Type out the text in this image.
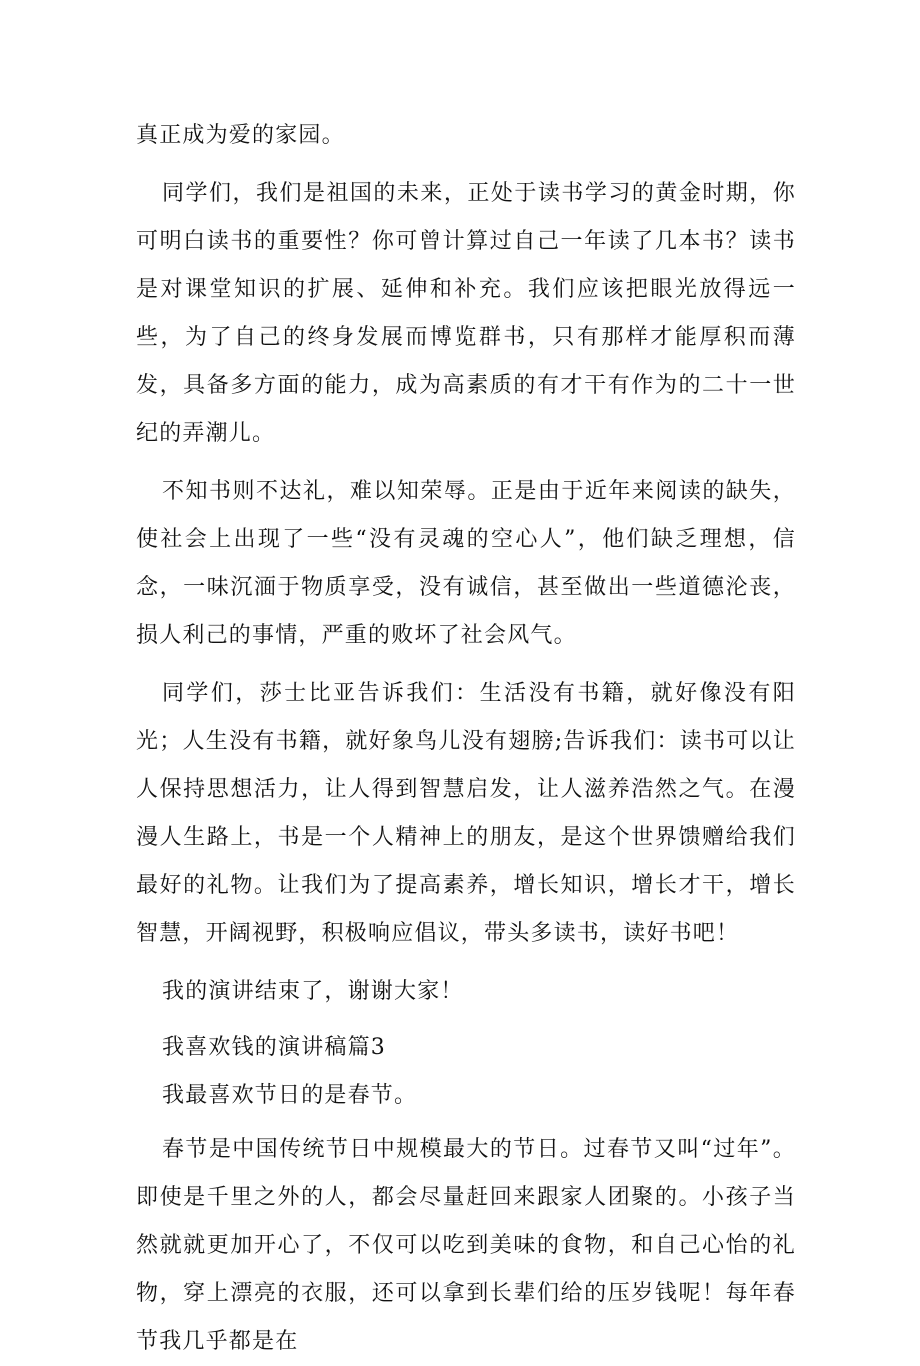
真正成为爱的家园。

同学们，我们是祖国的未来，正处于读书学习的黄金时期，你可明白读书的重要性？你可曾计算过自己一年读了几本书？读书是对课堂知识的扩展、延伸和补充。我们应该把眼光放得远一些，为了自己的终身发展而博览群书，只有那样才能厚积而薄发，具备多方面的能力，成为高素质的有才干有作为的二十一世纪的弄潮儿。

不知书则不达礼，难以知荣辱。正是由于近年来阅读的缺失，使社会上出现了一些“没有灵魂的空心人”，他们缺乏理想，信念，一味沉湎于物质享受，没有诚信，甚至做出一些道德沦丧，损人利己的事情，严重的败坏了社会风气。

同学们，莎士比亚告诉我们：生活没有书籍，就好像没有阳光；人生没有书籍，就好象鸟儿没有翅膀;告诉我们：读书可以让人保持思想活力，让人得到智慧启发，让人滋养浩然之气。在漫漫人生路上，书是一个人精神上的朋友，是这个世界馈赠给我们最好的礼物。让我们为了提高素养，增长知识，增长才干，增长智慧，开阔视野，积极响应倡议，带头多读书，读好书吧！

我的演讲结束了，谢谢大家！

我喜欢钱的演讲稿篇3

我最喜欢节日的是春节。

春节是中国传统节日中规模最大的节日。过春节又叫“过年”。即使是千里之外的人，都会尽量赶回来跟家人团聚的。小孩子当然就就更加开心了，不仅可以吃到美味的食物，和自己心怡的礼物，穿上漂亮的衣服，还可以拿到长辈们给的压岁钱呢！每年春节我几乎都是在
